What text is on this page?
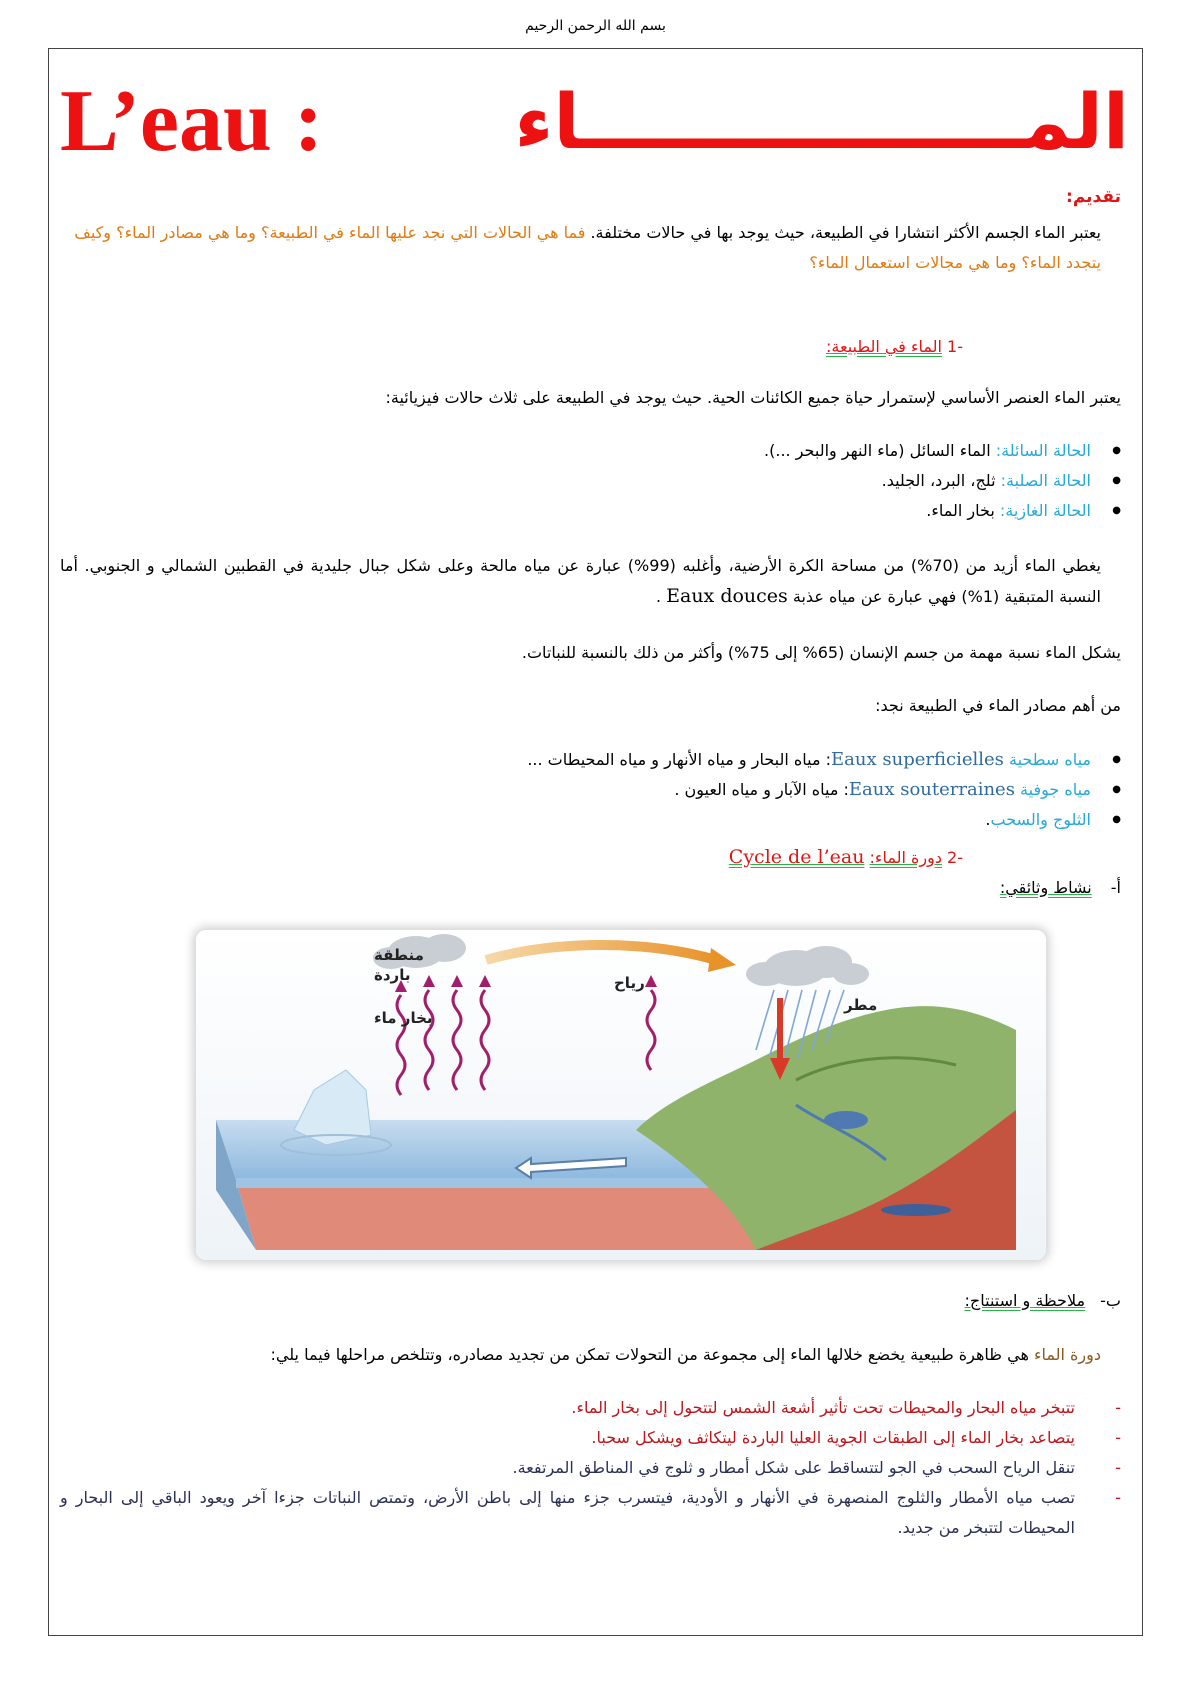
بسم الله الرحمن الرحيم
L’eau :	المـــــــــــــــــاء
تقديم:
يعتبر الماء الجسم الأكثر انتشارا في الطبيعة، حيث يوجد بها في حالات مختلفة. فما هي الحالات التي نجد عليها الماء في الطبيعة؟ وما هي مصادر الماء؟ وكيف يتجدد الماء؟ وما هي مجالات استعمال الماء؟
-1 الماء في الطبيعة:
يعتبر الماء العنصر الأساسي لإستمرار حياة جميع الكائنات الحية. حيث يوجد في الطبيعة على ثلاث حالات فيزيائية:
● الحالة السائلة: الماء السائل (ماء النهر والبحر ...).
● الحالة الصلبة: ثلج، البرد، الجليد.
● الحالة الغازية: بخار الماء.
يغطي الماء أزيد من (70%) من مساحة الكرة الأرضية، وأغلبه (99%) عبارة عن مياه مالحة وعلى شكل جبال جليدية في القطبين الشمالي و الجنوبي. أما النسبة المتبقية (1%) فهي عبارة عن مياه عذبة Eaux douces .
يشكل الماء نسبة مهمة من جسم الإنسان (65% إلى 75%) وأكثر من ذلك بالنسبة للنباتات.
من أهم مصادر الماء في الطبيعة نجد:
● مياه سطحية Eaux superficielles: مياه البحار و مياه الأنهار و مياه المحيطات ...
● مياه جوفية Eaux souterraines: مياه الآبار و مياه العيون .
● الثلوج والسحب.
-2 دورة الماء: Cycle de l’eau
أ- نشاط وثائقي:
منطقة
باردة
بخار ماء
رياح
مطر
ب- ملاحظة و استنتاج:
دورة الماء هي ظاهرة طبيعية يخضع خلالها الماء إلى مجموعة من التحولات تمكن من تجديد مصادره، وتتلخص مراحلها فيما يلي:
- تتبخر مياه البحار والمحيطات تحت تأثير أشعة الشمس لتتحول إلى بخار الماء.
- يتصاعد بخار الماء إلى الطبقات الجوية العليا الباردة ليتكاثف ويشكل سحبا.
- تنقل الرياح السحب في الجو لتتساقط على شكل أمطار و ثلوج في المناطق المرتفعة.
- تصب مياه الأمطار والثلوج المنصهرة في الأنهار و الأودية، فيتسرب جزء منها إلى باطن الأرض، وتمتص النباتات جزءا آخر ويعود الباقي إلى البحار و المحيطات لتتبخر من جديد.
